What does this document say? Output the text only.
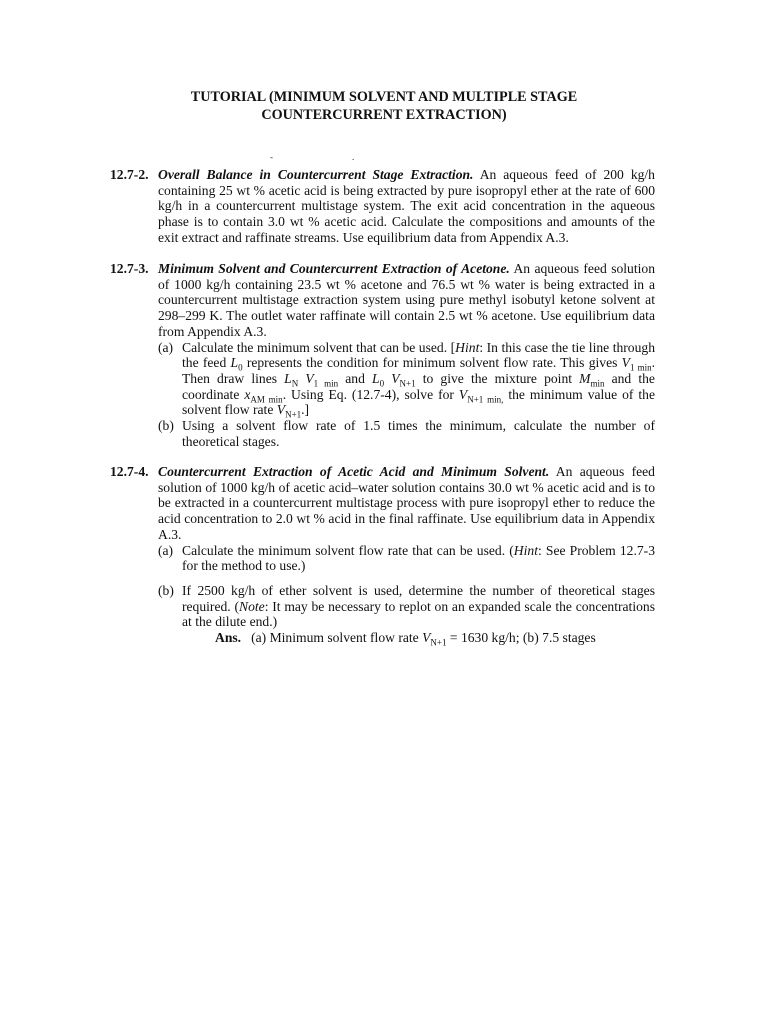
TUTORIAL (MINIMUM SOLVENT AND MULTIPLE STAGE
COUNTERCURRENT EXTRACTION)
-	.
12.7-2. Overall Balance in Countercurrent Stage Extraction. An aqueous feed of 200 kg/h containing 25 wt % acetic acid is being extracted by pure isopropyl ether at the rate of 600 kg/h in a countercurrent multistage system. The exit acid concentration in the aqueous phase is to contain 3.0 wt % acetic acid. Calculate the compositions and amounts of the exit extract and raffinate streams. Use equilibrium data from Appendix A.3.
12.7-3. Minimum Solvent and Countercurrent Extraction of Acetone. An aqueous feed solution of 1000 kg/h containing 23.5 wt % acetone and 76.5 wt % water is being extracted in a countercurrent multistage extraction system using pure methyl isobutyl ketone solvent at 298–299 K. The outlet water raffinate will contain 2.5 wt % acetone. Use equilibrium data from Appendix A.3.
(a) Calculate the minimum solvent that can be used. [Hint: In this case the tie line through the feed $L_0$ represents the condition for minimum solvent flow rate. This gives $V_{1 min}$. Then draw lines $L_N$ $V_{1 min}$ and $L_0$ $V_{N+1}$ to give the mixture point $M_{min}$ and the coordinate $x_{AM min}$. Using Eq. (12.7-4), solve for $V_{N+1 min,}$ the minimum value of the solvent flow rate $V_{N+1}$.]
(b) Using a solvent flow rate of 1.5 times the minimum, calculate the number of theoretical stages.
12.7-4. Countercurrent Extraction of Acetic Acid and Minimum Solvent. An aqueous feed solution of 1000 kg/h of acetic acid–water solution contains 30.0 wt % acetic acid and is to be extracted in a countercurrent multistage process with pure isopropyl ether to reduce the acid concentration to 2.0 wt % acid in the final raffinate. Use equilibrium data in Appendix A.3.
(a) Calculate the minimum solvent flow rate that can be used. (Hint: See Problem 12.7-3 for the method to use.)
(b) If 2500 kg/h of ether solvent is used, determine the number of theoretical stages required. (Note: It may be necessary to replot on an expanded scale the concentrations at the dilute end.)
Ans. (a) Minimum solvent flow rate $V_{N+1} = 1630$ kg/h; (b) 7.5 stages
